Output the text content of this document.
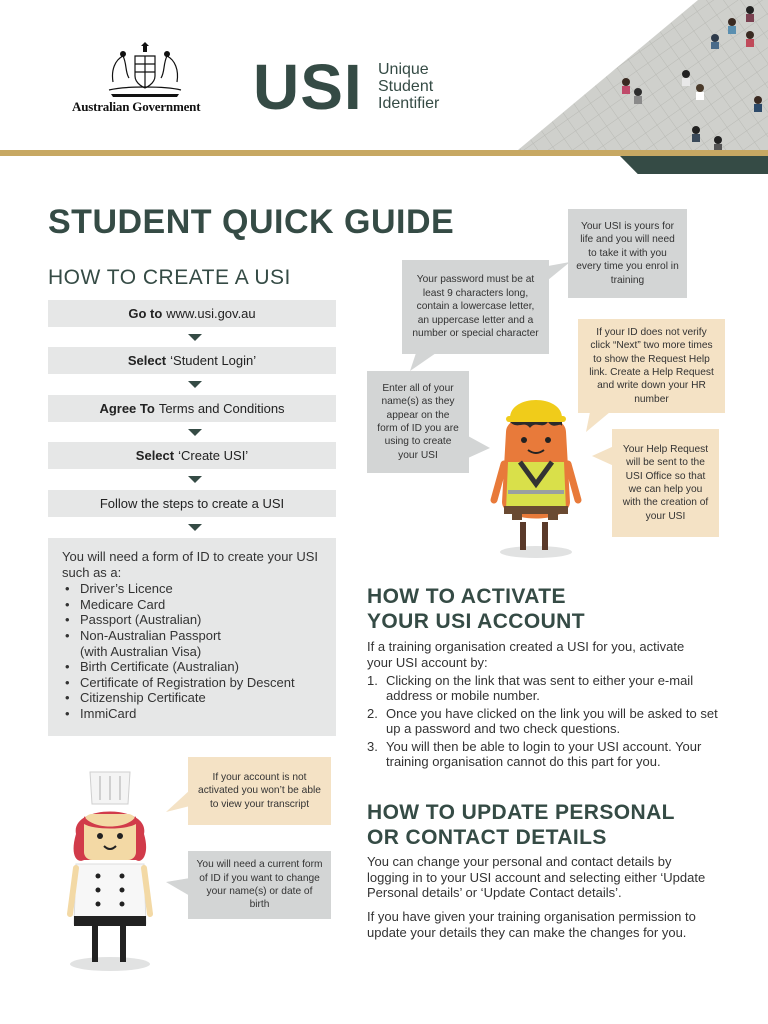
Australian Government USI Unique
Student
Identifier
STUDENT QUICK GUIDE
HOW TO CREATE A USI
Go to www.usi.gov.au
Select ‘Student Login’
Agree To Terms and Conditions
Select ‘Create USI’
Follow the steps to create a USI
You will need a form of ID to create your USI such as a:
• Driver’s Licence
• Medicare Card
• Passport (Australian)
• Non-Australian Passport
(with Australian Visa)
• Birth Certificate (Australian)
• Certificate of Registration by Descent
• Citizenship Certificate
• ImmiCard
Your USI is yours for life and you will need to take it with you every time you enrol in training
Your password must be at least 9 characters long, contain a lowercase letter, an uppercase letter and a number or special character
Enter all of your name(s) as they appear on the form of ID you are using to create your USI
If your ID does not verify click “Next” two more times to show the Request Help link. Create a Help Request and write down your HR number
Your Help Request will be sent to the USI Office so that we can help you with the creation of your USI
HOW TO ACTIVATE
YOUR USI ACCOUNT
If a training organisation created a USI for you, activate your USI account by:
1. Clicking on the link that was sent to either your e-mail address or mobile number.
2. Once you have clicked on the link you will be asked to set up a password and two check questions.
3. You will then be able to login to your USI account. Your training organisation cannot do this part for you.
HOW TO UPDATE PERSONAL
OR CONTACT DETAILS
You can change your personal and contact details by logging in to your USI account and selecting either ‘Update Personal details’ or ‘Update Contact details’.
If you have given your training organisation permission to update your details they can make the changes for you.
If your account is not activated you won’t be able to view your transcript
You will need a current form of ID if you want to change your name(s) or date of birth
